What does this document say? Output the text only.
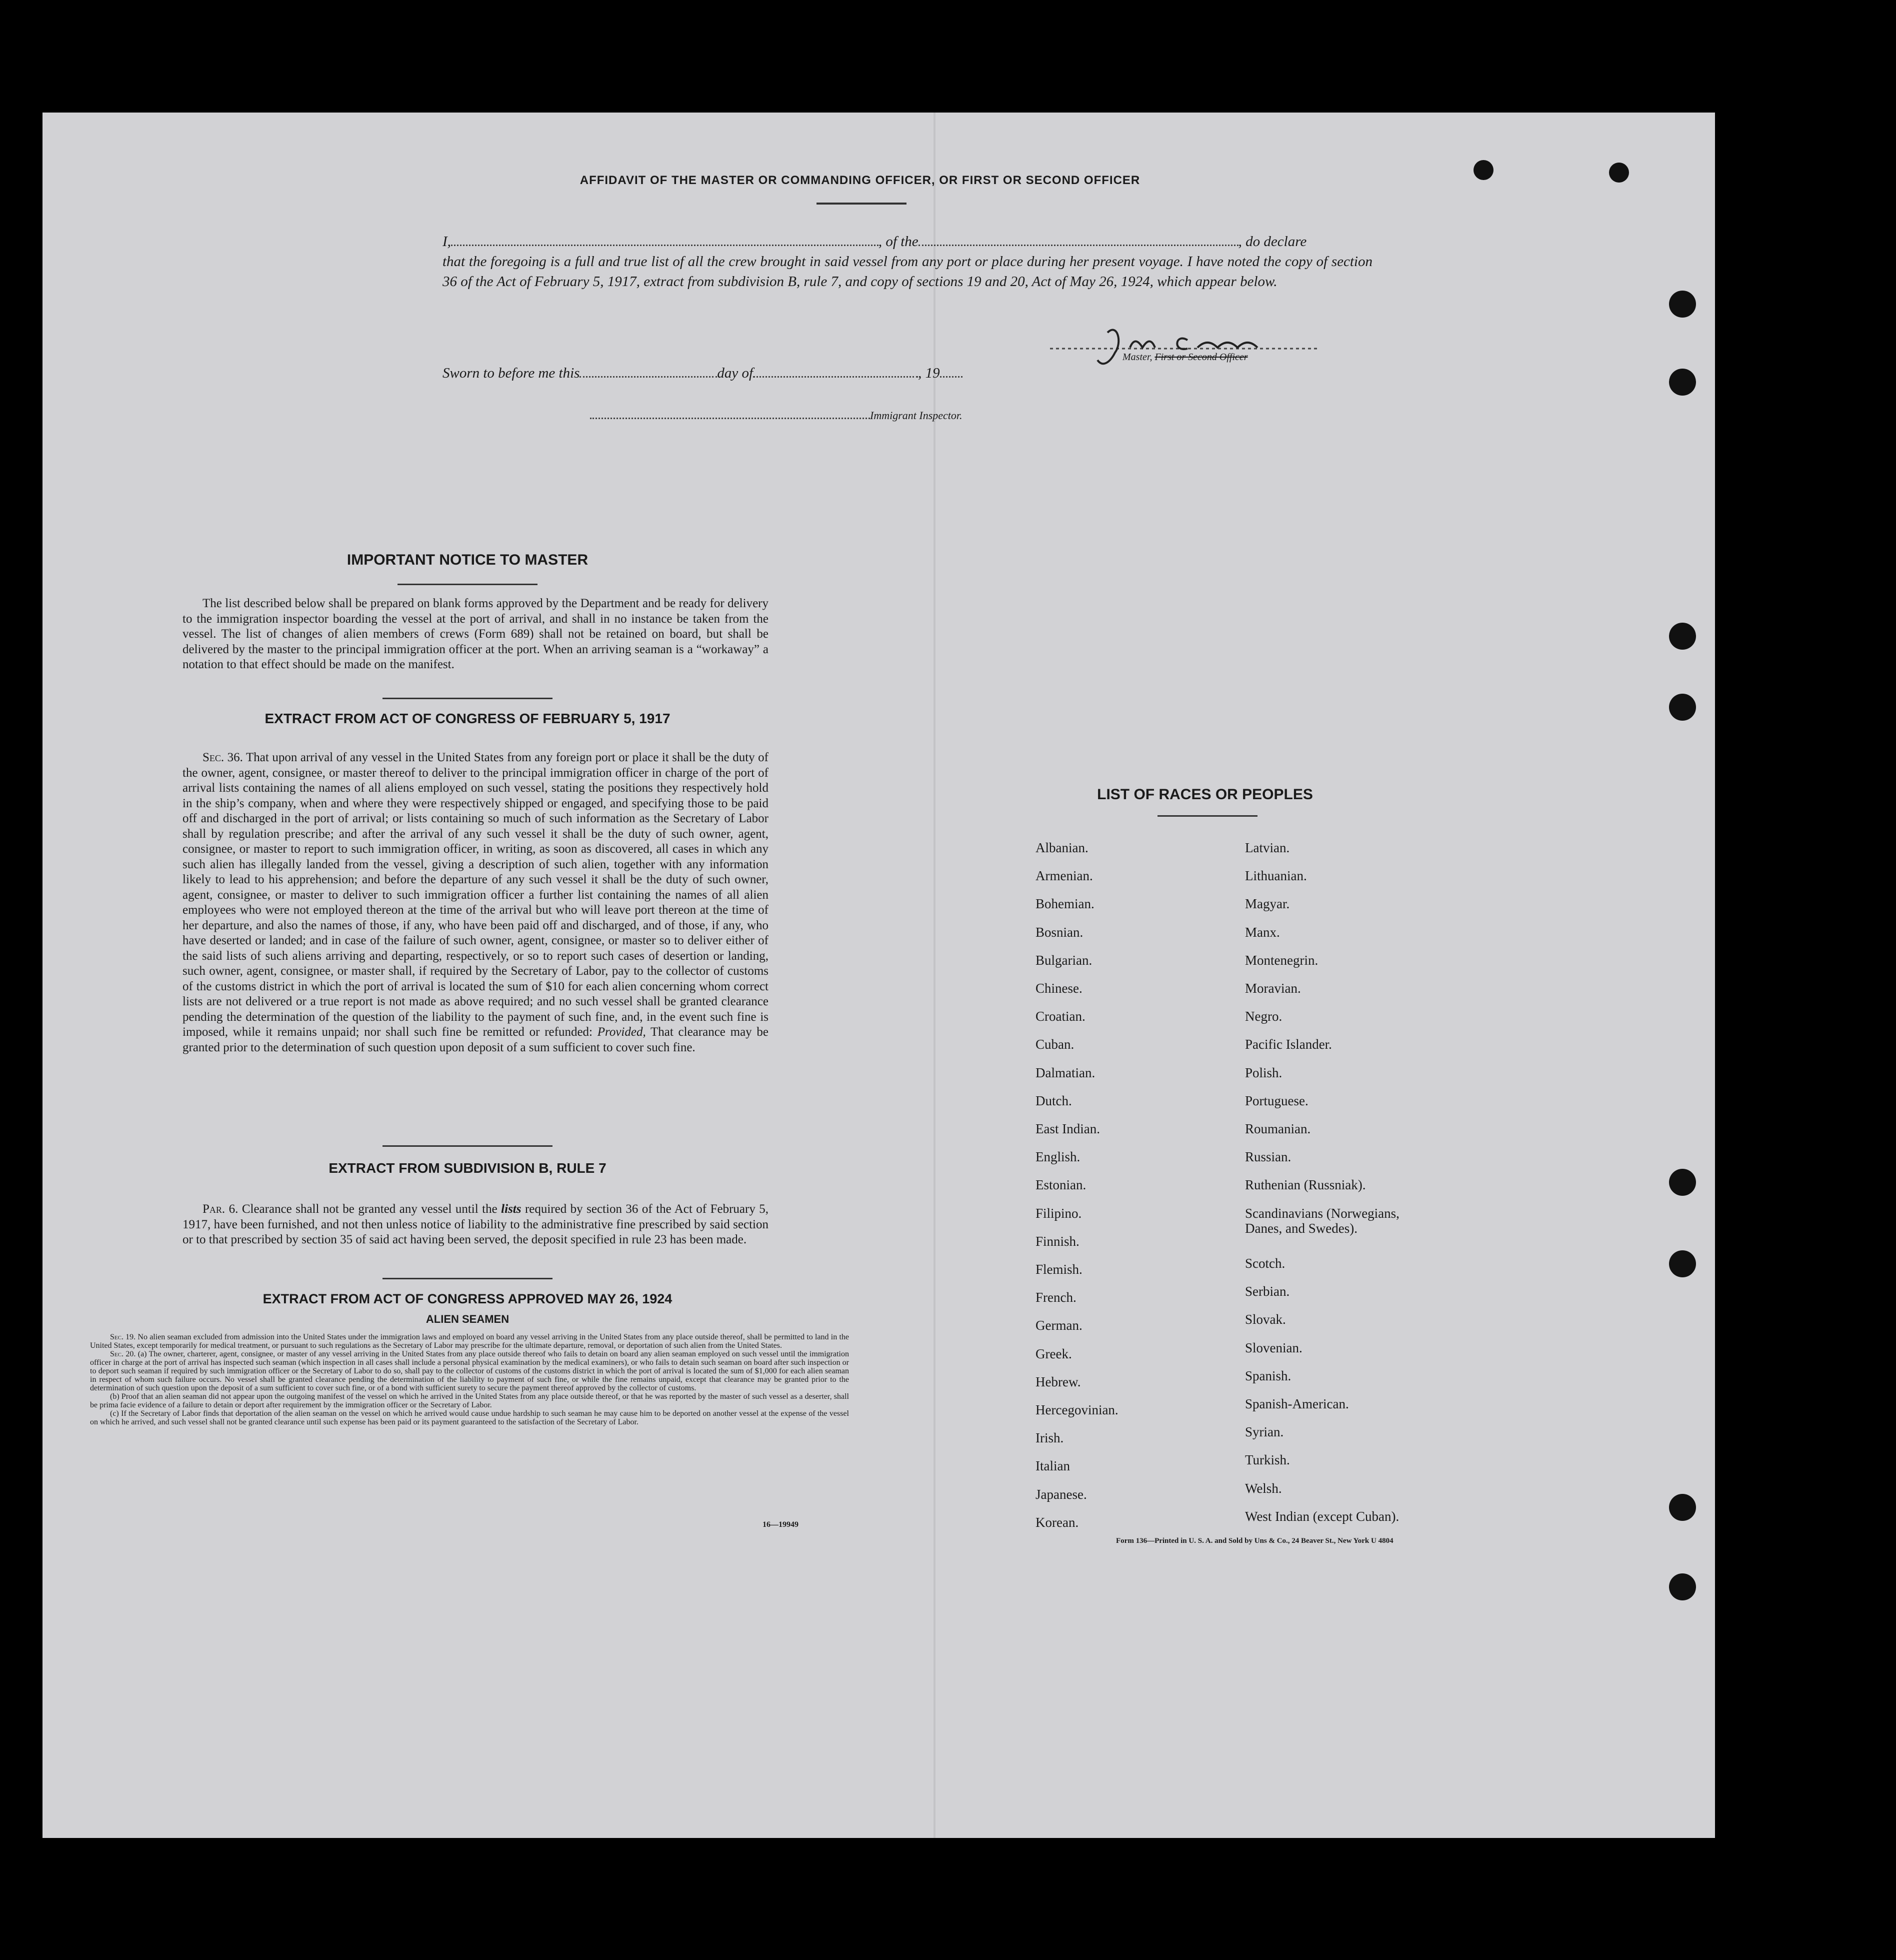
AFFIDAVIT OF THE MASTER OR COMMANDING OFFICER, OR FIRST OR SECOND OFFICER
I,	, of the	, do declare
that the foregoing is a full and true list of all the crew brought in said vessel from any port or place during her present voyage. I have noted the copy of section 36 of the Act of February 5, 1917, extract from subdivision B, rule 7, and copy of sections 19 and 20, Act of May 26, 1924, which appear below.
Master, First or Second Officer
Sworn to before me this	day of	, 19
Immigrant Inspector.
IMPORTANT NOTICE TO MASTER

The list described below shall be prepared on blank forms approved by the Department and be ready for delivery to the immigration inspector boarding the vessel at the port of arrival, and shall in no instance be taken from the vessel. The list of changes of alien members of crews (Form 689) shall not be retained on board, but shall be delivered by the master to the principal immigration officer at the port. When an arriving seaman is a “workaway” a notation to that effect should be made on the manifest.

EXTRACT FROM ACT OF CONGRESS OF FEBRUARY 5, 1917

Sec. 36. That upon arrival of any vessel in the United States from any foreign port or place it shall be the duty of the owner, agent, consignee, or master thereof to deliver to the principal immigration officer in charge of the port of arrival lists containing the names of all aliens employed on such vessel, stating the positions they respectively hold in the ship’s company, when and where they were respectively shipped or engaged, and specifying those to be paid off and discharged in the port of arrival; or lists containing so much of such information as the Secretary of Labor shall by regulation prescribe; and after the arrival of any such vessel it shall be the duty of such owner, agent, consignee, or master to report to such immigration officer, in writing, as soon as discovered, all cases in which any such alien has illegally landed from the vessel, giving a description of such alien, together with any information likely to lead to his apprehension; and before the departure of any such vessel it shall be the duty of such owner, agent, consignee, or master to deliver to such immigration officer a further list containing the names of all alien employees who were not employed thereon at the time of the arrival but who will leave port thereon at the time of her departure, and also the names of those, if any, who have been paid off and discharged, and of those, if any, who have deserted or landed; and in case of the failure of such owner, agent, consignee, or master so to deliver either of the said lists of such aliens arriving and departing, respectively, or so to report such cases of desertion or landing, such owner, agent, consignee, or master shall, if required by the Secretary of Labor, pay to the collector of customs of the customs district in which the port of arrival is located the sum of $10 for each alien concerning whom correct lists are not delivered or a true report is not made as above required; and no such vessel shall be granted clearance pending the determination of the question of the liability to the payment of such fine, and, in the event such fine is imposed, while it remains unpaid; nor shall such fine be remitted or refunded: Provided, That clearance may be granted prior to the determination of such question upon deposit of a sum sufficient to cover such fine.

EXTRACT FROM SUBDIVISION B, RULE 7

Par. 6. Clearance shall not be granted any vessel until the lists required by section 36 of the Act of February 5, 1917, have been furnished, and not then unless notice of liability to the administrative fine prescribed by said section or to that prescribed by section 35 of said act having been served, the deposit specified in rule 23 has been made.

EXTRACT FROM ACT OF CONGRESS APPROVED MAY 26, 1924
ALIEN SEAMEN

Sec. 19. No alien seaman excluded from admission into the United States under the immigration laws and employed on board any vessel arriving in the United States from any place outside thereof, shall be permitted to land in the United States, except temporarily for medical treatment, or pursuant to such regulations as the Secretary of Labor may prescribe for the ultimate departure, removal, or deportation of such alien from the United States.

Sec. 20. (a) The owner, charterer, agent, consignee, or master of any vessel arriving in the United States from any place outside thereof who fails to detain on board any alien seaman employed on such vessel until the immigration officer in charge at the port of arrival has inspected such seaman (which inspection in all cases shall include a personal physical examination by the medical examiners), or who fails to detain such seaman on board after such inspection or to deport such seaman if required by such immigration officer or the Secretary of Labor to do so, shall pay to the collector of customs of the customs district in which the port of arrival is located the sum of $1,000 for each alien seaman in respect of whom such failure occurs. No vessel shall be granted clearance pending the determination of the liability to payment of such fine, or while the fine remains unpaid, except that clearance may be granted prior to the determination of such question upon the deposit of a sum sufficient to cover such fine, or of a bond with sufficient surety to secure the payment thereof approved by the collector of customs.

(b) Proof that an alien seaman did not appear upon the outgoing manifest of the vessel on which he arrived in the United States from any place outside thereof, or that he was reported by the master of such vessel as a deserter, shall be prima facie evidence of a failure to detain or deport after requirement by the immigration officer or the Secretary of Labor.

(c) If the Secretary of Labor finds that deportation of the alien seaman on the vessel on which he arrived would cause undue hardship to such seaman he may cause him to be deported on another vessel at the expense of the vessel on which he arrived, and such vessel shall not be granted clearance until such expense has been paid or its payment guaranteed to the satisfaction of the Secretary of Labor.

16—19949
LIST OF RACES OR PEOPLES
Form 136—Printed in U. S. A. and Sold by Uns & Co., 24 Beaver St., New York U 4804
Albanian.
Armenian.
Bohemian.
Bosnian.
Bulgarian.
Chinese.
Croatian.
Cuban.
Dalmatian.
Dutch.
East Indian.
English.
Estonian.
Filipino.
Finnish.
Flemish.
French.
German.
Greek.
Hebrew.
Hercegovinian.
Irish.
Italian
Japanese.
Korean.
Latvian.
Lithuanian.
Magyar.
Manx.
Montenegrin.
Moravian.
Negro.
Pacific Islander.
Polish.
Portuguese.
Roumanian.
Russian.
Ruthenian (Russniak).
Scandinavians (Norwegians, Danes, and Swedes).
Scotch.
Serbian.
Slovak.
Slovenian.
Spanish.
Spanish-American.
Syrian.
Turkish.
Welsh.
West Indian (except Cuban).
